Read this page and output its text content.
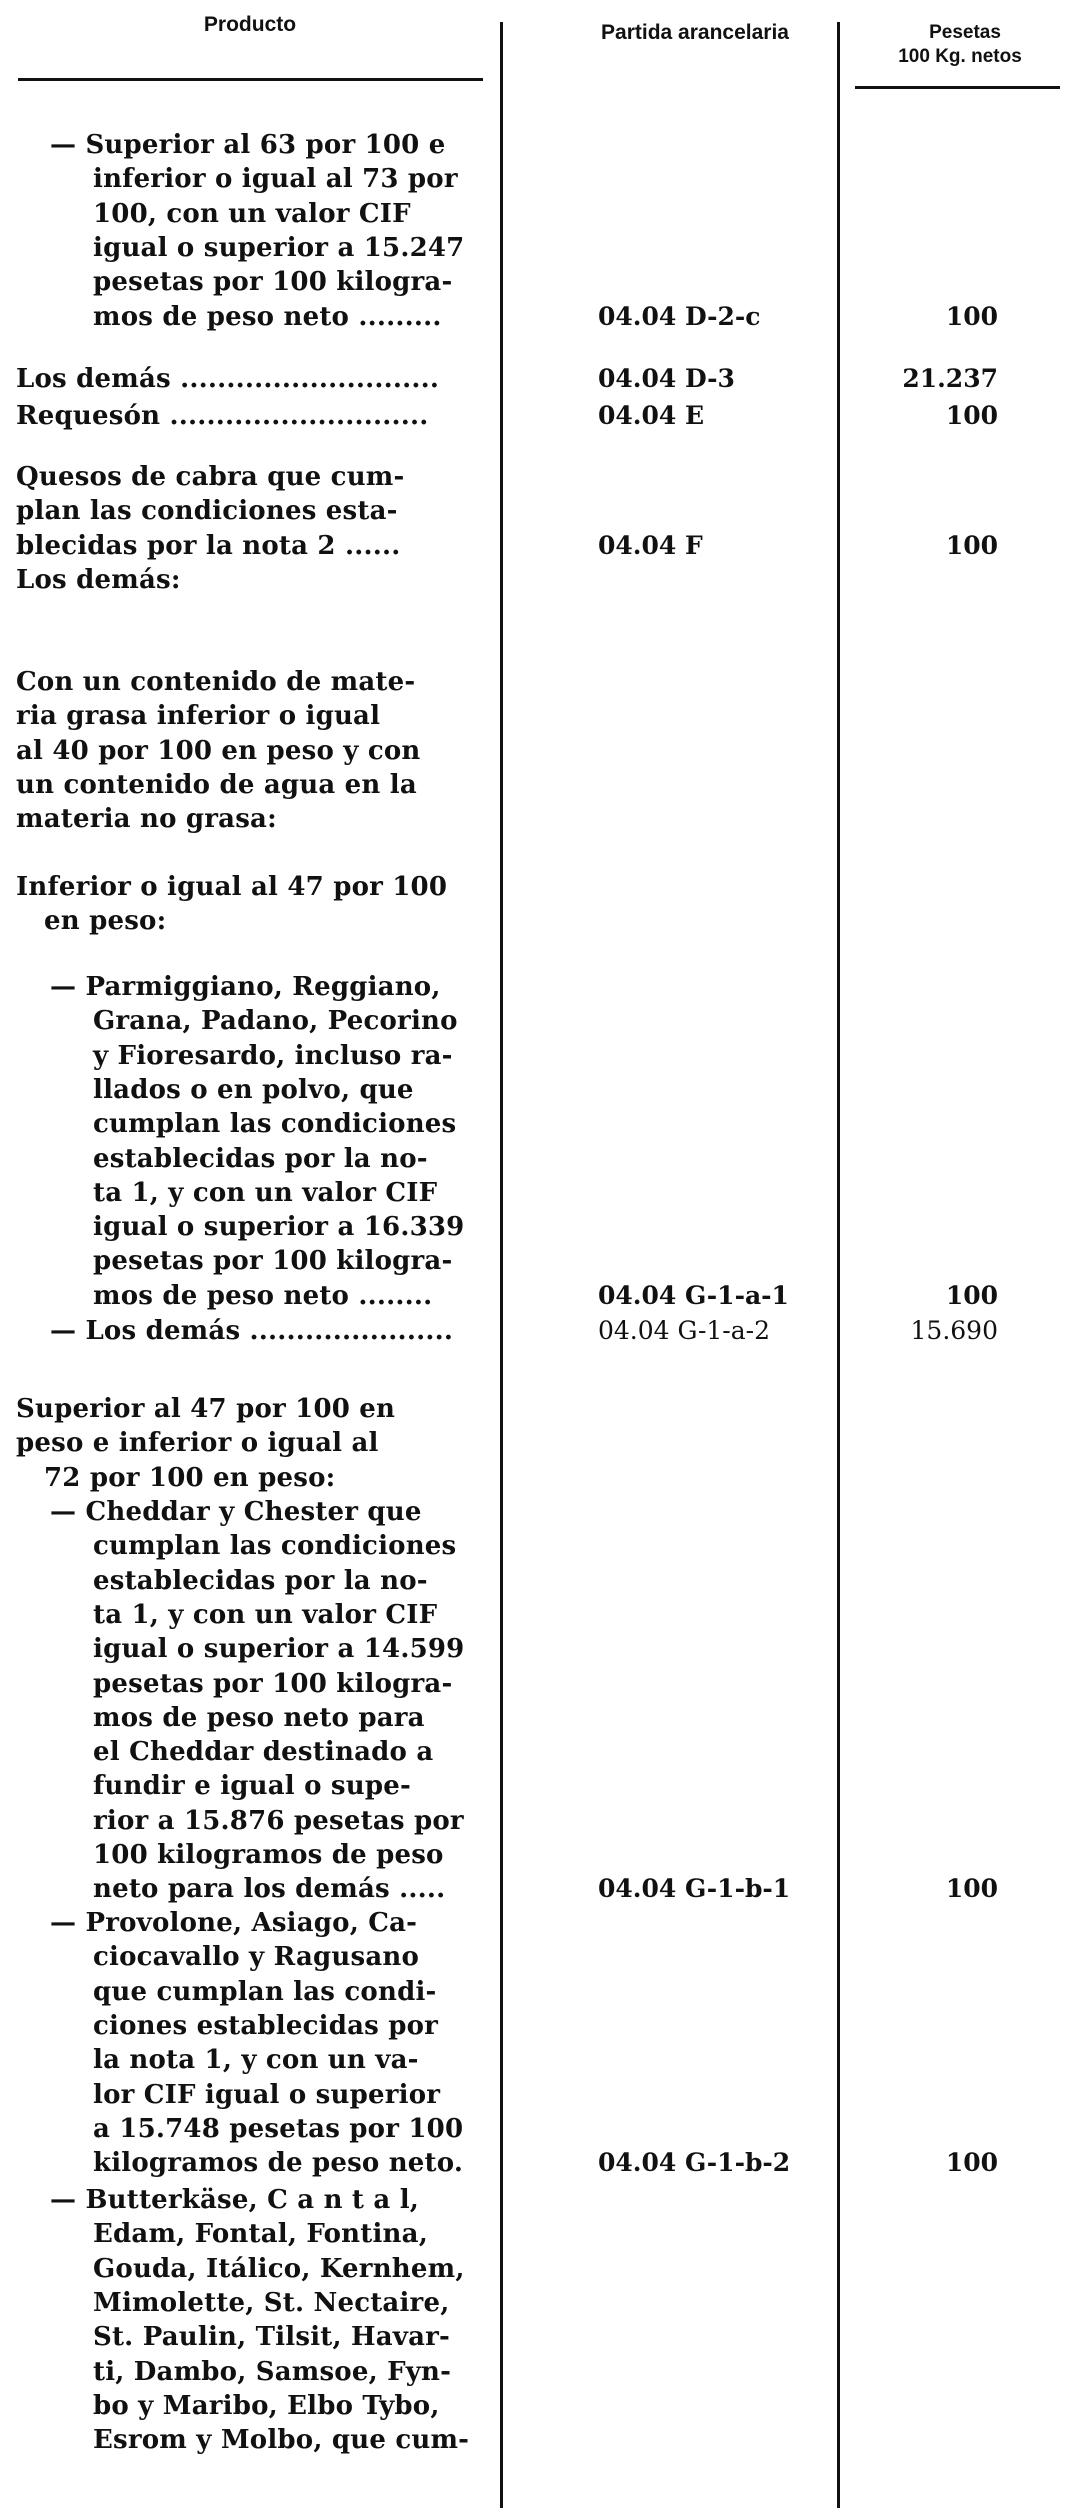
Producto	Partida arancelaria	Pesetas
100 Kg. netos
— Superior al 63 por 100 e
inferior o igual al 73 por
100, con un valor CIF
igual o superior a 15.247
pesetas por 100 kilogra-
mos de peso neto .........	04.04 D-2-c	100
Los demás ............................	04.04 D-3	21.237
Requesón ............................	04.04 E	100
Quesos de cabra que cum-
plan las condiciones esta-
blecidas por la nota 2 ......	04.04 F	100
Los demás:
Con un contenido de mate-
ria grasa inferior o igual
al 40 por 100 en peso y con
un contenido de agua en la
materia no grasa:
Inferior o igual al 47 por 100
en peso:
— Parmiggiano, Reggiano,
Grana, Padano, Pecorino
y Fioresardo, incluso ra-
llados o en polvo, que
cumplan las condiciones
establecidas por la no-
ta 1, y con un valor CIF
igual o superior a 16.339
pesetas por 100 kilogra-
mos de peso neto ........	04.04 G-1-a-1	100
— Los demás ......................	04.04 G-1-a-2	15.690
Superior al 47 por 100 en
peso e inferior o igual al
72 por 100 en peso:
— Cheddar y Chester que
cumplan las condiciones
establecidas por la no-
ta 1, y con un valor CIF
igual o superior a 14.599
pesetas por 100 kilogra-
mos de peso neto para
el Cheddar destinado a
fundir e igual o supe-
rior a 15.876 pesetas por
100 kilogramos de peso
neto para los demás .....	04.04 G-1-b-1	100
— Provolone, Asiago, Ca-
ciocavallo y Ragusano
que cumplan las condi-
ciones establecidas por
la nota 1, y con un va-
lor CIF igual o superior
a 15.748 pesetas por 100
kilogramos de peso neto.	04.04 G-1-b-2	100
— Butterkäse, C a n t a l,
Edam, Fontal, Fontina,
Gouda, Itálico, Kernhem,
Mimolette, St. Nectaire,
St. Paulin, Tilsit, Havar-
ti, Dambo, Samsoe, Fyn-
bo y Maribo, Elbo Tybo,
Esrom y Molbo, que cum-
